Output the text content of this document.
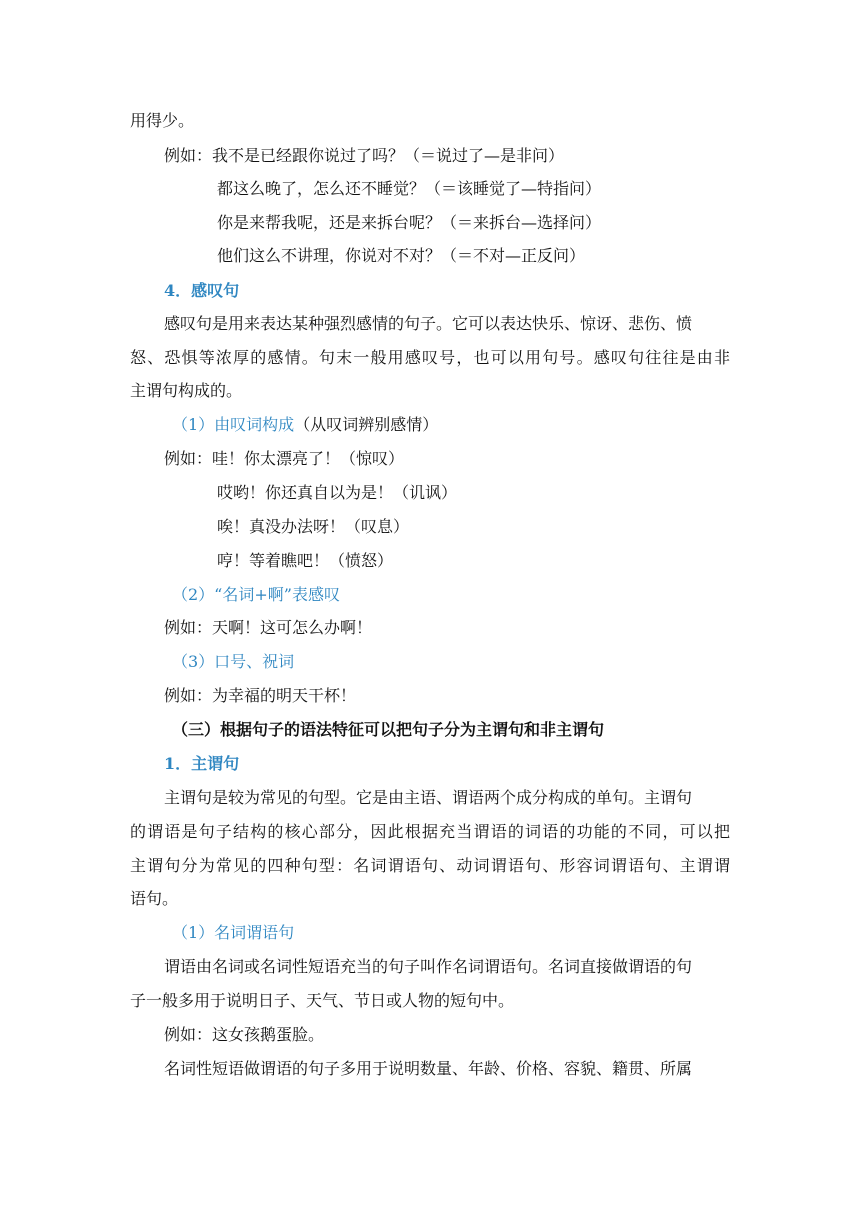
用得少。
例如：我不是已经跟你说过了吗？（＝说过了—是非问）
都这么晚了，怎么还不睡觉？（＝该睡觉了—特指问）
你是来帮我呢，还是来拆台呢？（＝来拆台—选择问）
他们这么不讲理，你说对不对？（＝不对—正反问）
4．感叹句
感叹句是用来表达某种强烈感情的句子。它可以表达快乐、惊讶、悲伤、愤
怒、恐惧等浓厚的感情。句末一般用感叹号，也可以用句号。感叹句往往是由非
主谓句构成的。
（1）由叹词构成（从叹词辨别感情）
例如：哇！你太漂亮了！（惊叹）
哎哟！你还真自以为是！（讥讽）
唉！真没办法呀！（叹息）
哼！等着瞧吧！（愤怒）
（2）“名词+啊”表感叹
例如：天啊！这可怎么办啊！
（3）口号、祝词
例如：为幸福的明天干杯！
（三）根据句子的语法特征可以把句子分为主谓句和非主谓句
1．主谓句
主谓句是较为常见的句型。它是由主语、谓语两个成分构成的单句。主谓句
的谓语是句子结构的核心部分，因此根据充当谓语的词语的功能的不同，可以把
主谓句分为常见的四种句型：名词谓语句、动词谓语句、形容词谓语句、主谓谓
语句。
（1）名词谓语句
谓语由名词或名词性短语充当的句子叫作名词谓语句。名词直接做谓语的句
子一般多用于说明日子、天气、节日或人物的短句中。
例如：这女孩鹅蛋脸。
名词性短语做谓语的句子多用于说明数量、年龄、价格、容貌、籍贯、所属
